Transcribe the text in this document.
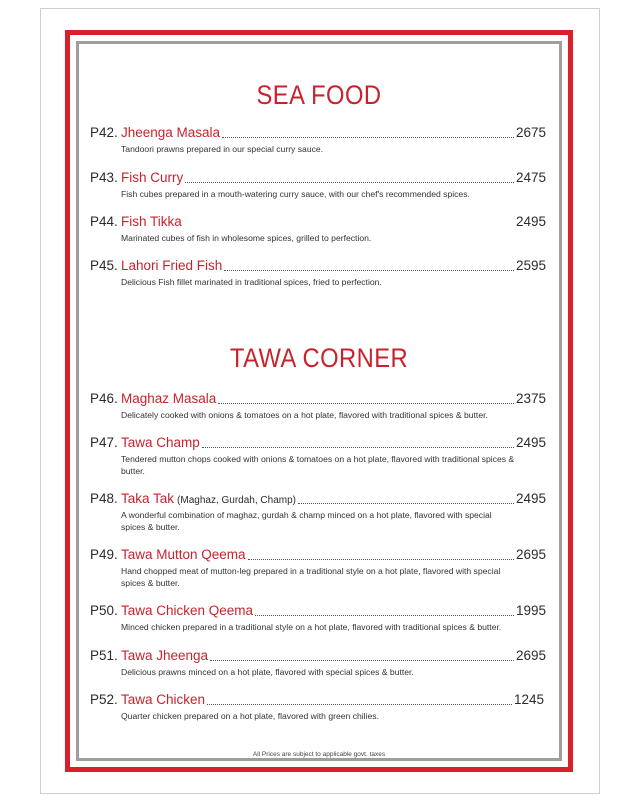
SEA FOOD
P42. Jheenga Masala	2675
Tandoori prawns prepared in our special curry sauce.
P43. Fish Curry	2475
Fish cubes prepared in a mouth-watering curry sauce, with our chef's recommended spices.
P44. Fish Tikka	2495
Marinated cubes of fish in wholesome spices, grilled to perfection.
P45. Lahori Fried Fish	2595
Delicious Fish fillet marinated in traditional spices, fried to perfection.
TAWA CORNER
P46. Maghaz Masala	2375
Delicately cooked with onions & tomatoes on a hot plate, flavored with traditional spices & butter.
P47. Tawa Champ	2495
Tendered mutton chops cooked with onions & tomatoes on a hot plate, flavored with traditional spices & butter.
P48. Taka Tak (Maghaz, Gurdah, Champ)	2495
A wonderful combination of maghaz, gurdah & champ minced on a hot plate, flavored with special spices & butter.
P49. Tawa Mutton Qeema	2695
Hand chopped meat of mutton-leg prepared in a traditional style on a hot plate, flavored with special spices & butter.
P50. Tawa Chicken Qeema	1995
Minced chicken prepared in a traditional style on a hot plate, flavored with traditional spices & butter.
P51. Tawa Jheenga	2695
Delicious prawns minced on a hot plate, flavored with special spices & butter.
P52. Tawa Chicken	1245
Quarter chicken prepared on a hot plate, flavored with green chilies.
All Prices are subject to applicable govt. taxes
